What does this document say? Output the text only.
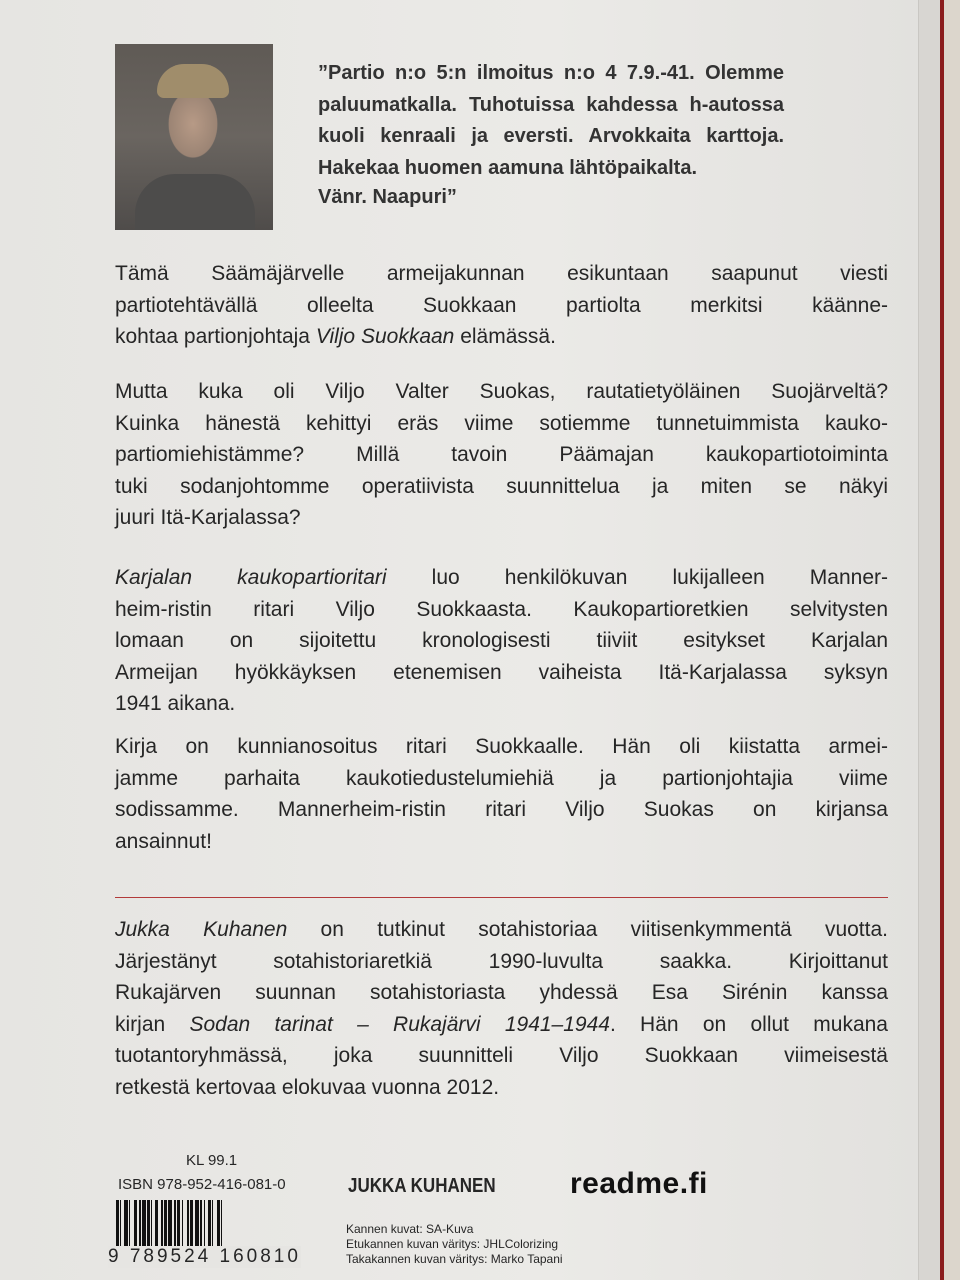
”Partio n:o 5:n ilmoitus n:o 4 7.9.-41. Olemme
paluumatkalla. Tuhotuissa kahdessa h-autossa
kuoli kenraali ja eversti. Arvokkaita karttoja.
Hakekaa huomen aamuna lähtöpaikalta.
Vänr. Naapuri”
Tämä Säämäjärvelle armeijakunnan esikuntaan saapunut viesti
partiotehtävällä olleelta Suokkaan partiolta merkitsi käänne-
kohtaa partionjohtaja Viljo Suokkaan elämässä.
Mutta kuka oli Viljo Valter Suokas, rautatietyöläinen Suojärveltä?
Kuinka hänestä kehittyi eräs viime sotiemme tunnetuimmista kauko-
partiomiehistämme? Millä tavoin Päämajan kaukopartiotoiminta
tuki sodanjohtomme operatiivista suunnittelua ja miten se näkyi
juuri Itä-Karjalassa?
Karjalan kaukopartioritari luo henkilökuvan lukijalleen Manner-
heim-ristin ritari Viljo Suokkaasta. Kaukopartioretkien selvitysten
lomaan on sijoitettu kronologisesti tiiviit esitykset Karjalan
Armeijan hyökkäyksen etenemisen vaiheista Itä-Karjalassa syksyn
1941 aikana.
Kirja on kunnianosoitus ritari Suokkaalle. Hän oli kiistatta armei-
jamme parhaita kaukotiedustelumiehiä ja partionjohtajia viime
sodissamme. Mannerheim-ristin ritari Viljo Suokas on kirjansa
ansainnut!
Jukka Kuhanen on tutkinut sotahistoriaa viitisenkymmentä vuotta.
Järjestänyt sotahistoriaretkiä 1990-luvulta saakka. Kirjoittanut
Rukajärven suunnan sotahistoriasta yhdessä Esa Sirénin kanssa
kirjan Sodan tarinat – Rukajärvi 1941–1944. Hän on ollut mukana
tuotantoryhmässä, joka suunnitteli Viljo Suokkaan viimeisestä
retkestä kertovaa elokuvaa vuonna 2012.
KL 99.1
ISBN 978-952-416-081-0
9 789524 160810
JUKKA KUHANEN readme.fi
Kannen kuvat: SA-Kuva
Etukannen kuvan väritys: JHLColorizing
Takakannen kuvan väritys: Marko Tapani
